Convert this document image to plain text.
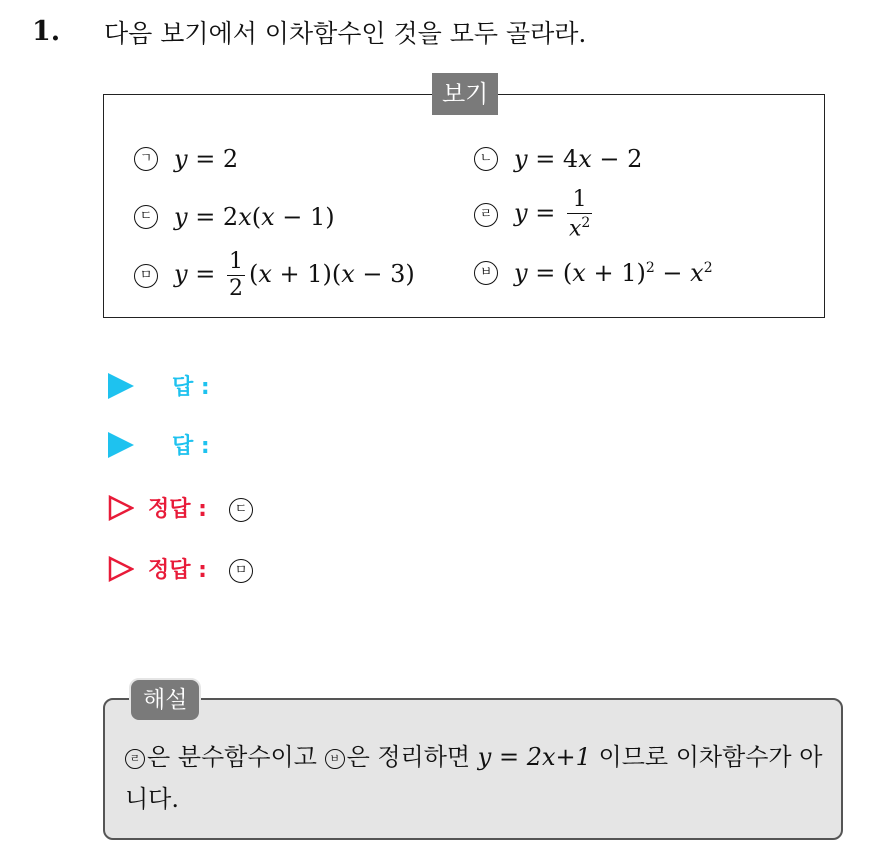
1. 다음 보기에서 이차함수인 것을 모두 골라라.
보기
ㄱ y = 2	ㄴ y = 4x − 2
ㄷ y = 2x(x − 1)	ㄹ $y = \frac{1}{x^2}$
ㅁ $y = \frac{1}{2} (x + 1)(x - 3)$	ㅂ $y = (x + 1)^2 - x^2$
답 :
답 :
정답 :	ㄷ
정답 :	ㅁ
해설
ㄹ 은 분수함수이고 ㅂ 은 정리하면 y = 2x+1 이므로 이차함수가 아니다.
